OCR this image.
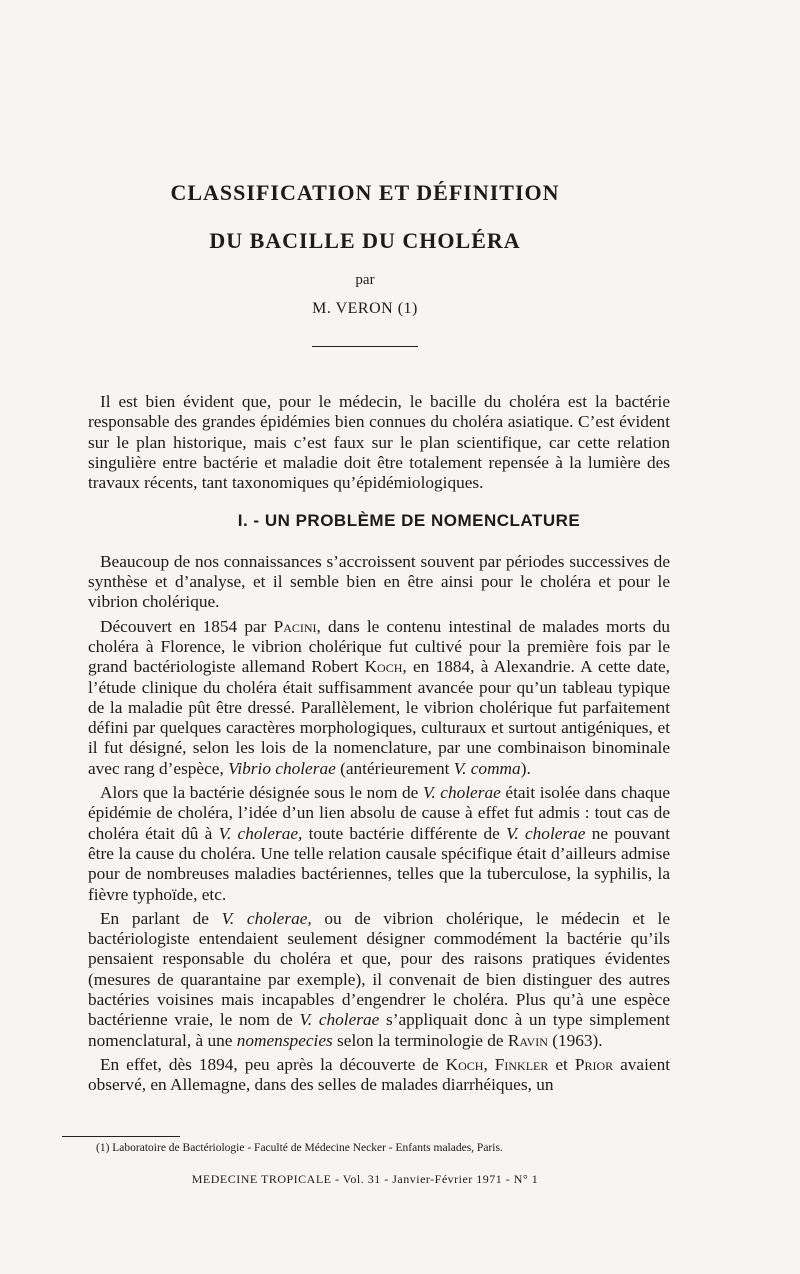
CLASSIFICATION ET DÉFINITION
DU BACILLE DU CHOLÉRA
par
M. VERON (1)

Il est bien évident que, pour le médecin, le bacille du choléra est la bactérie responsable des grandes épidémies bien connues du choléra asiatique. C’est évident sur le plan historique, mais c’est faux sur le plan scientifique, car cette relation singulière entre bactérie et maladie doit être totalement repensée à la lumière des travaux récents, tant taxonomiques qu’épidémiologiques.

I. - UN PROBLÈME DE NOMENCLATURE

Beaucoup de nos connaissances s’accroissent souvent par périodes successives de synthèse et d’analyse, et il semble bien en être ainsi pour le choléra et pour le vibrion cholérique.

Découvert en 1854 par Pacini, dans le contenu intestinal de malades morts du choléra à Florence, le vibrion cholérique fut cultivé pour la première fois par le grand bactériologiste allemand Robert Koch, en 1884, à Alexandrie. A cette date, l’étude clinique du choléra était suffisamment avancée pour qu’un tableau typique de la maladie pût être dressé. Parallèlement, le vibrion cholérique fut parfaitement défini par quelques caractères morphologiques, culturaux et surtout antigéniques, et il fut désigné, selon les lois de la nomenclature, par une combinaison binominale avec rang d’espèce, Vibrio cholerae (antérieurement V. comma).

Alors que la bactérie désignée sous le nom de V. cholerae était isolée dans chaque épidémie de choléra, l’idée d’un lien absolu de cause à effet fut admis : tout cas de choléra était dû à V. cholerae, toute bactérie différente de V. cholerae ne pouvant être la cause du choléra. Une telle relation causale spécifique était d’ailleurs admise pour de nombreuses maladies bactériennes, telles que la tuberculose, la syphilis, la fièvre typhoïde, etc.

En parlant de V. cholerae, ou de vibrion cholérique, le médecin et le bactériologiste entendaient seulement désigner commodément la bactérie qu’ils pensaient responsable du choléra et que, pour des raisons pratiques évidentes (mesures de quarantaine par exemple), il convenait de bien distinguer des autres bactéries voisines mais incapables d’engendrer le choléra. Plus qu’à une espèce bactérienne vraie, le nom de V. cholerae s’appliquait donc à un type simplement nomenclatural, à une nomenspecies selon la terminologie de Ravin (1963).

En effet, dès 1894, peu après la découverte de Koch, Finkler et Prior avaient observé, en Allemagne, dans des selles de malades diarrhéiques, un

(1) Laboratoire de Bactériologie - Faculté de Médecine Necker - Enfants malades, Paris.
MEDECINE TROPICALE - Vol. 31 - Janvier-Février 1971 - N° 1
